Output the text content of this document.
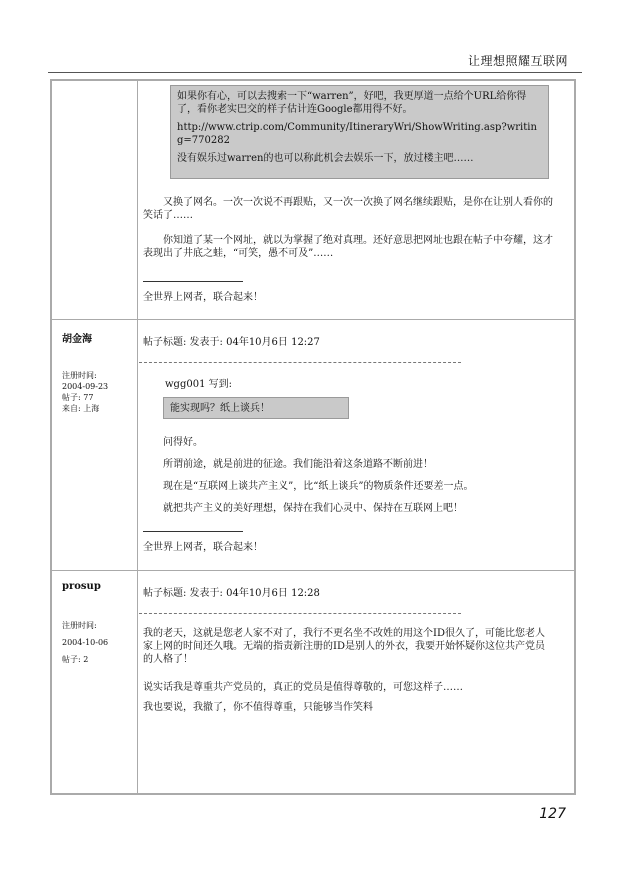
让理想照耀互联网

如果你有心，可以去搜索一下“warren”，好吧，我更厚道一点给个URL给你得了，看你老实巴交的样子估计连Google都用得不好。

http://www.ctrip.com/Community/ItineraryWri/ShowWriting.asp?writing=770282

没有娱乐过warren的也可以称此机会去娱乐一下，放过楼主吧……

又换了网名。一次一次说不再跟贴，又一次一次换了网名继续跟贴，是你在让别人看你的笑话了……
你知道了某一个网址，就以为掌握了绝对真理。还好意思把网址也跟在帖子中夸耀，这才表现出了井底之蛙，“可笑，愚不可及”……
全世界上网者，联合起来！
胡金海
注册时间:
2004-09-23
帖子: 77
来自: 上海
帖子标题: 发表于: 04年10月6日 12:27
wgg001 写到:
能实现吗？纸上谈兵！
问得好。
所谓前途，就是前进的征途。我们能沿着这条道路不断前进！
现在是“互联网上谈共产主义”，比“纸上谈兵”的物质条件还要差一点。
就把共产主义的美好理想，保持在我们心灵中、保持在互联网上吧！
全世界上网者，联合起来！
prosup
注册时间:
2004-10-06
帖子: 2
帖子标题: 发表于: 04年10月6日 12:28
我的老天，这就是您老人家不对了，我行不更名坐不改姓的用这个ID很久了，可能比您老人家上网的时间还久哦。无端的指责新注册的ID是别人的外衣，我要开始怀疑你这位共产党员的人格了！
说实话我是尊重共产党员的，真正的党员是值得尊敬的，可您这样子……
我也要说，我撤了，你不值得尊重，只能够当作笑料
127
